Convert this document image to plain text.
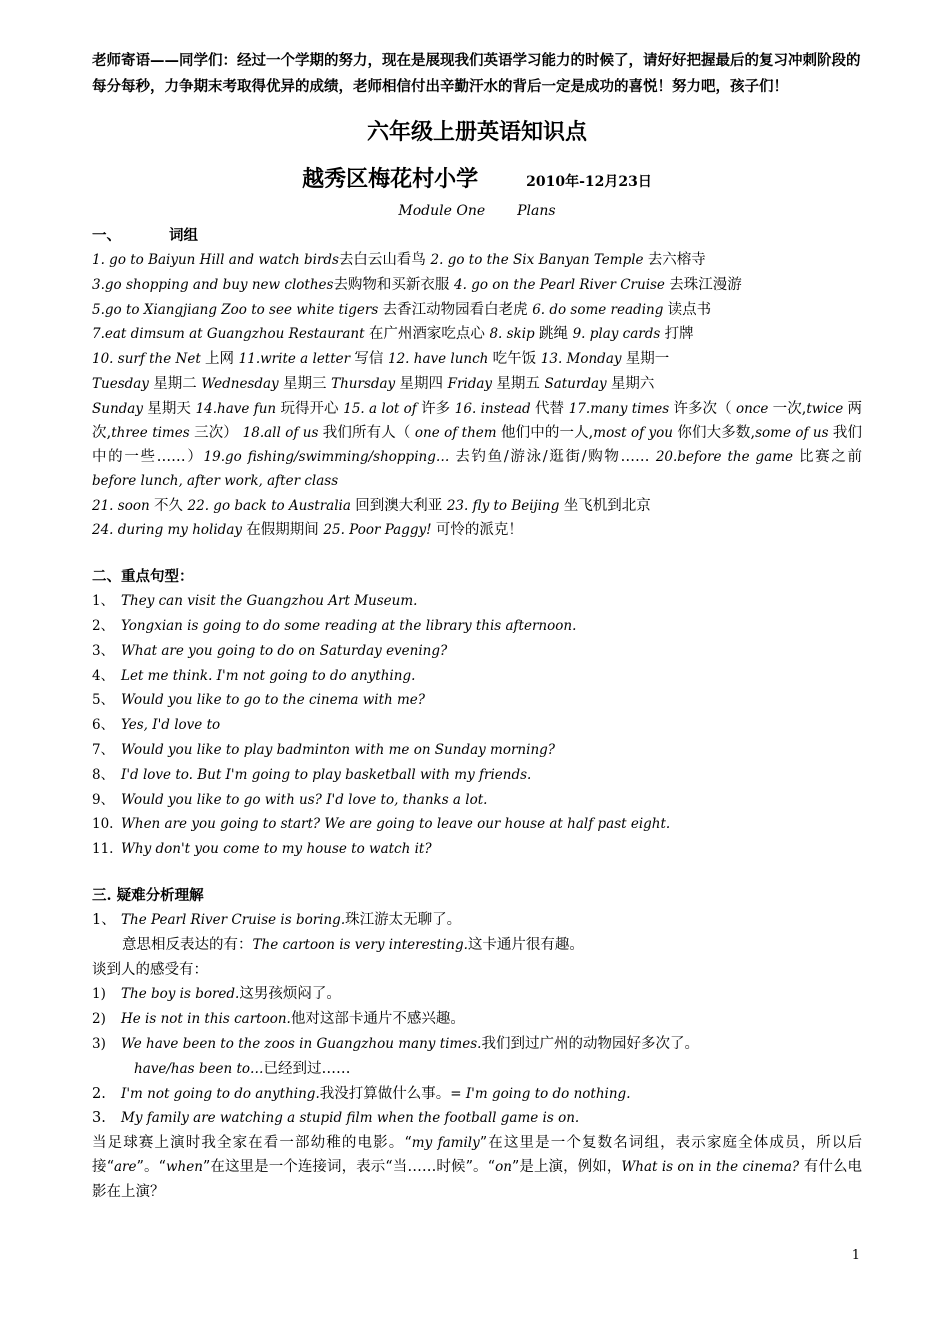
老师寄语——同学们：经过一个学期的努力，现在是展现我们英语学习能力的时候了，请好好把握最后的复习冲刺阶段的每分每秒，力争期末考取得优异的成绩，老师相信付出辛勤汗水的背后一定是成功的喜悦！努力吧，孩子们！
六年级上册英语知识点
越秀区梅花村小学	2010年-12月23日
Module One Plans
一、	词组
1. go to Baiyun Hill and watch birds去白云山看鸟 2. go to the Six Banyan Temple 去六榕寺
3.go shopping and buy new clothes去购物和买新衣服 4. go on the Pearl River Cruise 去珠江漫游
5.go to Xiangjiang Zoo to see white tigers 去香江动物园看白老虎 6. do some reading 读点书
7.eat dimsum at Guangzhou Restaurant 在广州酒家吃点心 8. skip 跳绳 9. play cards 打牌
10. surf the Net 上网 11.write a letter 写信 12. have lunch 吃午饭 13. Monday 星期一
Tuesday 星期二 Wednesday 星期三 Thursday 星期四 Friday 星期五 Saturday 星期六
Sunday 星期天 14.have fun 玩得开心 15. a lot of 许多 16. instead 代替 17.many times 许多次（ once 一次,twice 两次,three times 三次） 18.all of us 我们所有人（ one of them 他们中的一人,most of you 你们大多数,some of us 我们中的一些……）19.go fishing/swimming/shopping… 去钓鱼/游泳/逛街/购物…… 20.before the game 比赛之前 before lunch, after work, after class
21. soon 不久 22. go back to Australia 回到澳大利亚 23. fly to Beijing 坐飞机到北京
24. during my holiday 在假期期间 25. Poor Paggy! 可怜的派克！
二、重点句型：
1、 They can visit the Guangzhou Art Museum.
2、 Yongxian is going to do some reading at the library this afternoon.
3、 What are you going to do on Saturday evening?
4、 Let me think. I'm not going to do anything.
5、 Would you like to go to the cinema with me?
6、 Yes, I'd love to
7、 Would you like to play badminton with me on Sunday morning?
8、 I'd love to. But I'm going to play basketball with my friends.
9、 Would you like to go with us? I'd love to, thanks a lot.
10. When are you going to start? We are going to leave our house at half past eight.
11. Why don't you come to my house to watch it?
三. 疑难分析理解
1、 The Pearl River Cruise is boring.珠江游太无聊了。
意思相反表达的有：The cartoon is very interesting.这卡通片很有趣。
谈到人的感受有：
1) The boy is bored.这男孩烦闷了。
2) He is not in this cartoon.他对这部卡通片不感兴趣。
3) We have been to the zoos in Guangzhou many times.我们到过广州的动物园好多次了。
have/has been to…已经到过……
2. I'm not going to do anything.我没打算做什么事。= I'm going to do nothing.
3. My family are watching a stupid film when the football game is on.
当足球赛上演时我全家在看一部幼稚的电影。“my family”在这里是一个复数名词组，表示家庭全体成员，所以后接“are”。“when”在这里是一个连接词，表示“当……时候”。“on”是上演，例如，What is on in the cinema? 有什么电影在上演？
1
